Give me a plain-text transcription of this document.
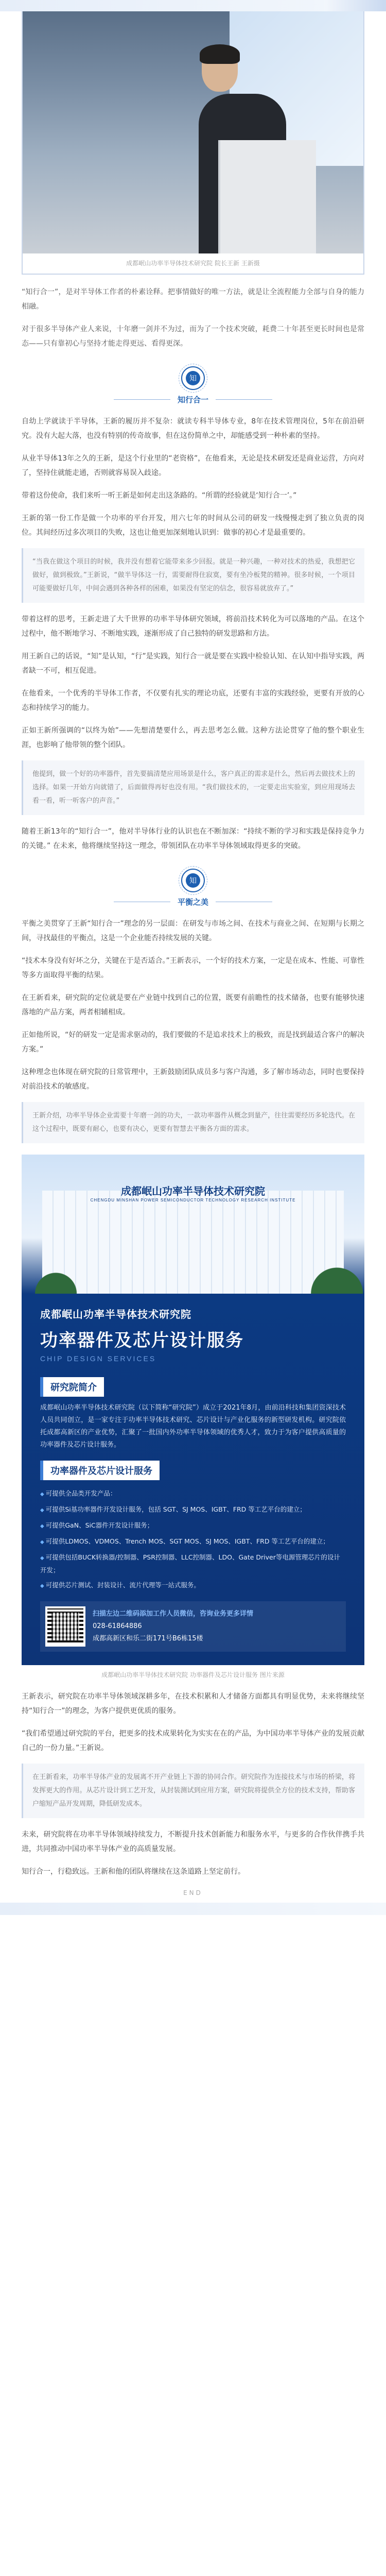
成都岷山功率半导体技术研究院 院长王新 王新摄

“知行合一”，是对半导体工作者的朴素诠释。把事情做好的唯一方法，就是让全流程能力全部与自身的能力相融。

对于很多半导体产业人来说，十年磨一剑并不为过，而为了一个技术突破，耗费二十年甚至更长时间也是常态——只有靠初心与坚持才能走得更远、看得更深。

知
知行合一

自幼上学就读于半导体，王新的履历并不复杂：就读专科半导体专业，8年在技术管理岗位，5年在前沿研究。没有大起大落，也没有特别的传奇故事，但在这份简单之中，却能感受到一种朴素的坚持。

从业半导体13年之久的王新，是这个行业里的“老资格”，在他看来，无论是技术研发还是商业运营，方向对了，坚持住就能走通，否则就容易误入歧途。

带着这份使命，我们来听一听王新是如何走出这条路的。“所谓的经验就是‘知行合一’。”

王新的第一份工作是做一个功率的平台开发，用六七年的时间从公司的研发一线慢慢走到了独立负责的岗位。其间经历过多次项目的失败，这也让他更加深刻地认识到：做事的初心才是最重要的。

“当我在做这个项目的时候，我并没有想着它能带来多少回报。就是一种兴趣，一种对技术的热爱，我想把它做好，做到极致。”王新说，“做半导体这一行，需要耐得住寂寞，要有坐冷板凳的精神。很多时候，一个项目可能要做好几年，中间会遇到各种各样的困难，如果没有坚定的信念，很容易就放弃了。”

带着这样的思考，王新走进了大千世界的功率半导体研究领域，将前沿技术转化为可以落地的产品。在这个过程中，他不断地学习、不断地实践，逐渐形成了自己独特的研发思路和方法。

用王新自己的话说，“知”是认知，“行”是实践，知行合一就是要在实践中检验认知、在认知中指导实践，两者缺一不可，相互促进。

在他看来，一个优秀的半导体工作者，不仅要有扎实的理论功底，还要有丰富的实践经验，更要有开放的心态和持续学习的能力。

正如王新所强调的“以终为始”——先想清楚要什么，再去思考怎么做。这种方法论贯穿了他的整个职业生涯，也影响了他带领的整个团队。

他提到，做一个好的功率器件，首先要搞清楚应用场景是什么，客户真正的需求是什么，然后再去做技术上的选择。如果一开始方向就错了，后面做得再好也没有用。“我们做技术的，一定要走出实验室，到应用现场去看一看，听一听客户的声音。”

随着王新13年的“知行合一”，他对半导体行业的认识也在不断加深：“持续不断的学习和实践是保持竞争力的关键。” 在未来，他将继续坚持这一理念，带领团队在功率半导体领域取得更多的突破。

知
平衡之美

平衡之美贯穿了王新“知行合一”理念的另一层面：在研发与市场之间、在技术与商业之间、在短期与长期之间，寻找最佳的平衡点，这是一个企业能否持续发展的关键。

“技术本身没有好坏之分，关键在于是否适合。”王新表示，一个好的技术方案，一定是在成本、性能、可靠性等多方面取得平衡的结果。

在王新看来，研究院的定位就是要在产业链中找到自己的位置，既要有前瞻性的技术储备，也要有能够快速落地的产品方案，两者相辅相成。

正如他所说，“好的研发一定是需求驱动的，我们要做的不是追求技术上的极致，而是找到最适合客户的解决方案。”

这种理念也体现在研究院的日常管理中，王新鼓励团队成员多与客户沟通，多了解市场动态，同时也要保持对前沿技术的敏感度。

王新介绍，功率半导体企业需要十年磨一剑的功夫，一款功率器件从概念到量产，往往需要经历多轮迭代。在这个过程中，既要有耐心，也要有决心，更要有智慧去平衡各方面的需求。
成都岷山功率半导体技术研究院
CHENGDU MINSHAN POWER SEMICONDUCTOR TECHNOLOGY RESEARCH INSTITUTE
成都岷山功率半导体技术研究院
功率器件及芯片设计服务
CHIP DESIGN SERVICES
研究院简介
成都岷山功率半导体技术研究院（以下简称“研究院”）成立于2021年8月，由前沿科技和集团资深技术人员共同创立，是一家专注于功率半导体技术研究、芯片设计与产业化服务的新型研发机构。研究院依托成都高新区的产业优势，汇聚了一批国内外功率半导体领域的优秀人才，致力于为客户提供高质量的功率器件及芯片设计服务。
功率器件及芯片设计服务
◆ 可提供全品类开发产品：
◆ 可提供Si基功率器件开发设计服务，包括 SGT、SJ MOS、IGBT、FRD 等工艺平台的建立；
◆ 可提供GaN、SiC器件开发设计服务；
◆ 可提供LDMOS、VDMOS、Trench MOS、SGT MOS、SJ MOS、IGBT、FRD 等工艺平台的建立；
◆ 可提供包括BUCK转换器/控制器、PSR控制器、LLC控制器、LDO、Gate Driver等电源管理芯片的设计开发；
◆ 可提供芯片测试、封装设计、流片代理等一站式服务。
扫描左边二维码添加工作人员微信，咨询业务更多详情
028-61864886
成都高新区和乐二街171号B6栋15楼
成都岷山功率半导体技术研究院 功率器件及芯片设计服务 图片来源

王新表示，研究院在功率半导体领域深耕多年，在技术积累和人才储备方面都具有明显优势，未来将继续坚持“知行合一”的理念，为客户提供更优质的服务。

“我们希望通过研究院的平台，把更多的技术成果转化为实实在在的产品，为中国功率半导体产业的发展贡献自己的一份力量。”王新说。

在王新看来，功率半导体产业的发展离不开产业链上下游的协同合作。研究院作为连接技术与市场的桥梁，将发挥更大的作用。从芯片设计到工艺开发，从封装测试到应用方案，研究院将提供全方位的技术支持，帮助客户缩短产品开发周期，降低研发成本。

未来，研究院将在功率半导体领域持续发力，不断提升技术创新能力和服务水平，与更多的合作伙伴携手共进，共同推动中国功率半导体产业的高质量发展。

知行合一，行稳致远。王新和他的团队将继续在这条道路上坚定前行。

END
